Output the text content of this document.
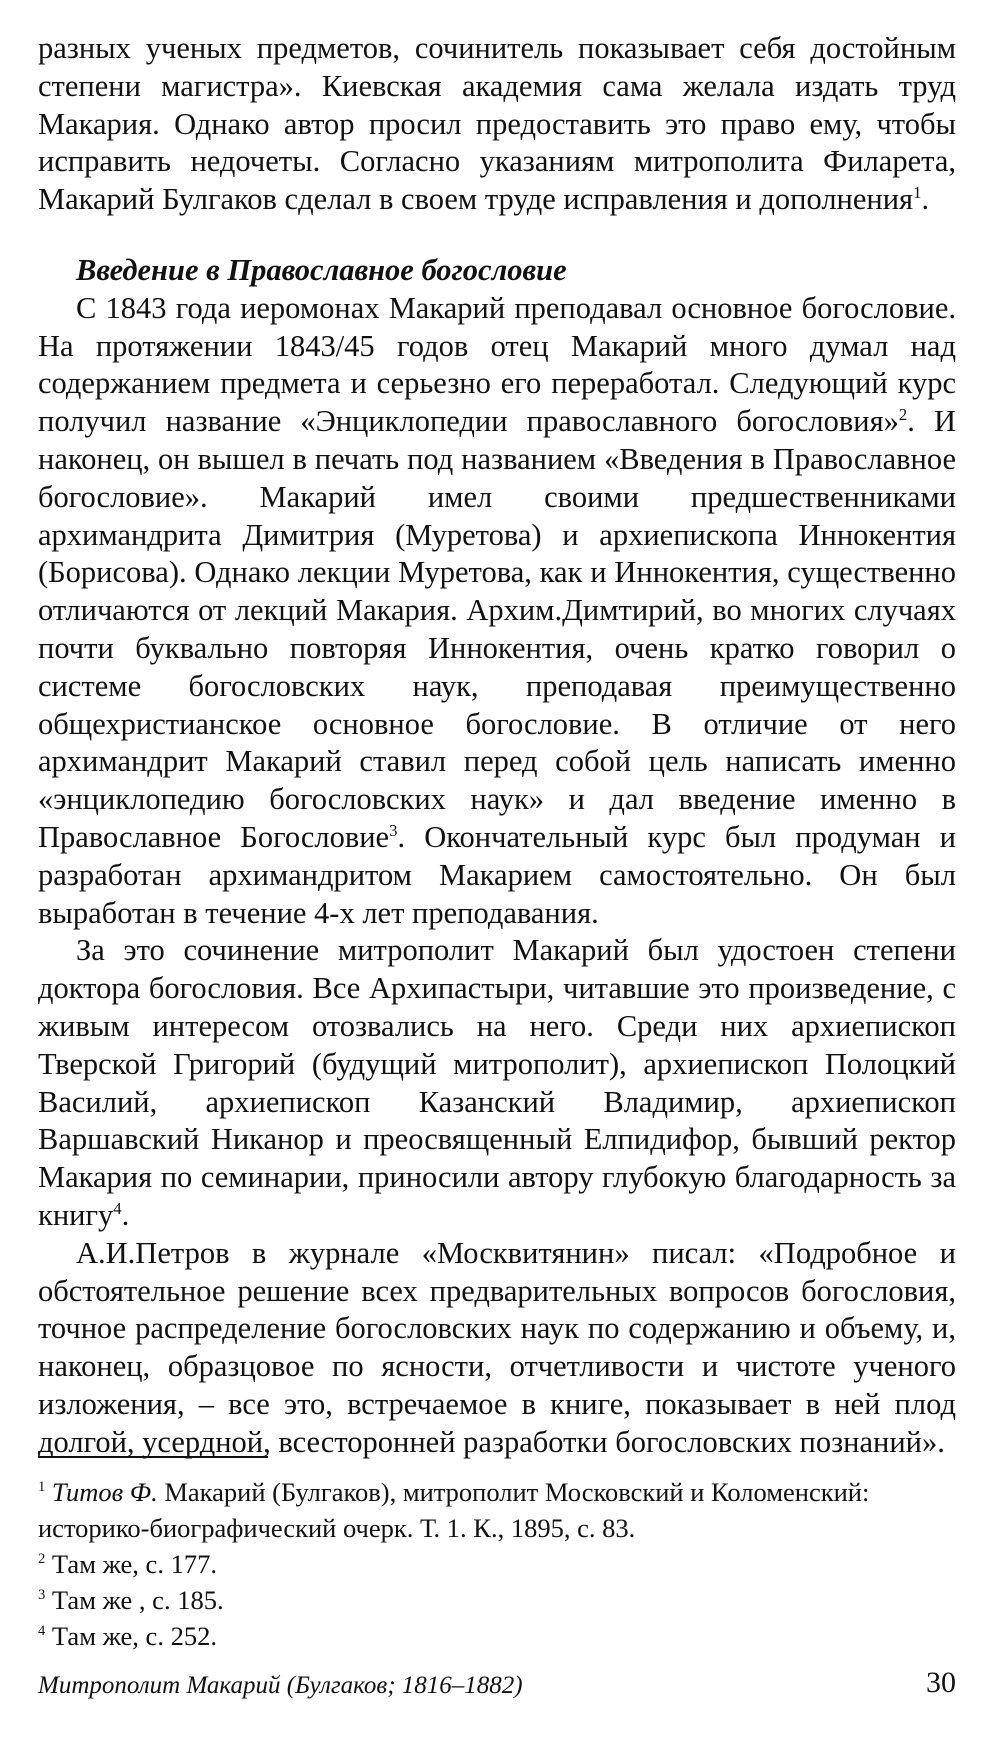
разных ученых предметов, сочинитель показывает себя достойным степени магистра». Киевская академия сама желала издать труд Макария. Однако автор просил предоставить это право ему, чтобы исправить недочеты. Согласно указаниям митрополита Филарета, Макарий Булгаков сделал в своем труде исправления и дополнения$^1$.

Введение в Православное богословие

С 1843 года иеромонах Макарий преподавал основное богословие. На протяжении 1843/45 годов отец Макарий много думал над содержанием предмета и серьезно его переработал. Следующий курс получил название «Энциклопедии православного богословия»$^2$. И наконец, он вышел в печать под названием «Введения в Православное богословие». Макарий имел своими предшественниками архимандрита Димитрия (Муретова) и архиепископа Иннокентия (Борисова). Однако лекции Муретова, как и Иннокентия, существенно отличаются от лекций Макария. Архим.Димтирий, во многих случаях почти буквально повторяя Иннокентия, очень кратко говорил о системе богословских наук, преподавая преимущественно общехристианское основное богословие. В отличие от него архимандрит Макарий ставил перед собой цель написать именно «энциклопедию богословских наук» и дал введение именно в Православное Богословие$^3$. Окончательный курс был продуман и разработан архимандритом Макарием самостоятельно. Он был выработан в течение 4-х лет преподавания.

За это сочинение митрополит Макарий был удостоен степени доктора богословия. Все Архипастыри, читавшие это произведение, с живым интересом отозвались на него. Среди них архиепископ Тверской Григорий (будущий митрополит), архиепископ Полоцкий Василий, архиепископ Казанский Владимир, архиепископ Варшавский Никанор и преосвященный Елпидифор, бывший ректор Макария по семинарии, приносили автору глубокую благодарность за книгу$^4$.

А.И.Петров в журнале «Москвитянин» писал: «Подробное и обстоятельное решение всех предварительных вопросов богословия, точное распределение богословских наук по содержанию и объему, и, наконец, образцовое по ясности, отчетливости и чистоте ученого изложения, – все это, встречаемое в книге, показывает в ней плод долгой, усердной, всесторонней разработки богословских познаний».

$^1$ Титов Ф. Макарий (Булгаков), митрополит Московский и Коломенский: историко-биографический очерк. Т. 1. К., 1895, с. 83.

$^2$ Там же, с. 177.

$^3$ Там же , с. 185.

$^4$ Там же, с. 252.

Митрополит Макарий (Булгаков; 1816–1882)	30
